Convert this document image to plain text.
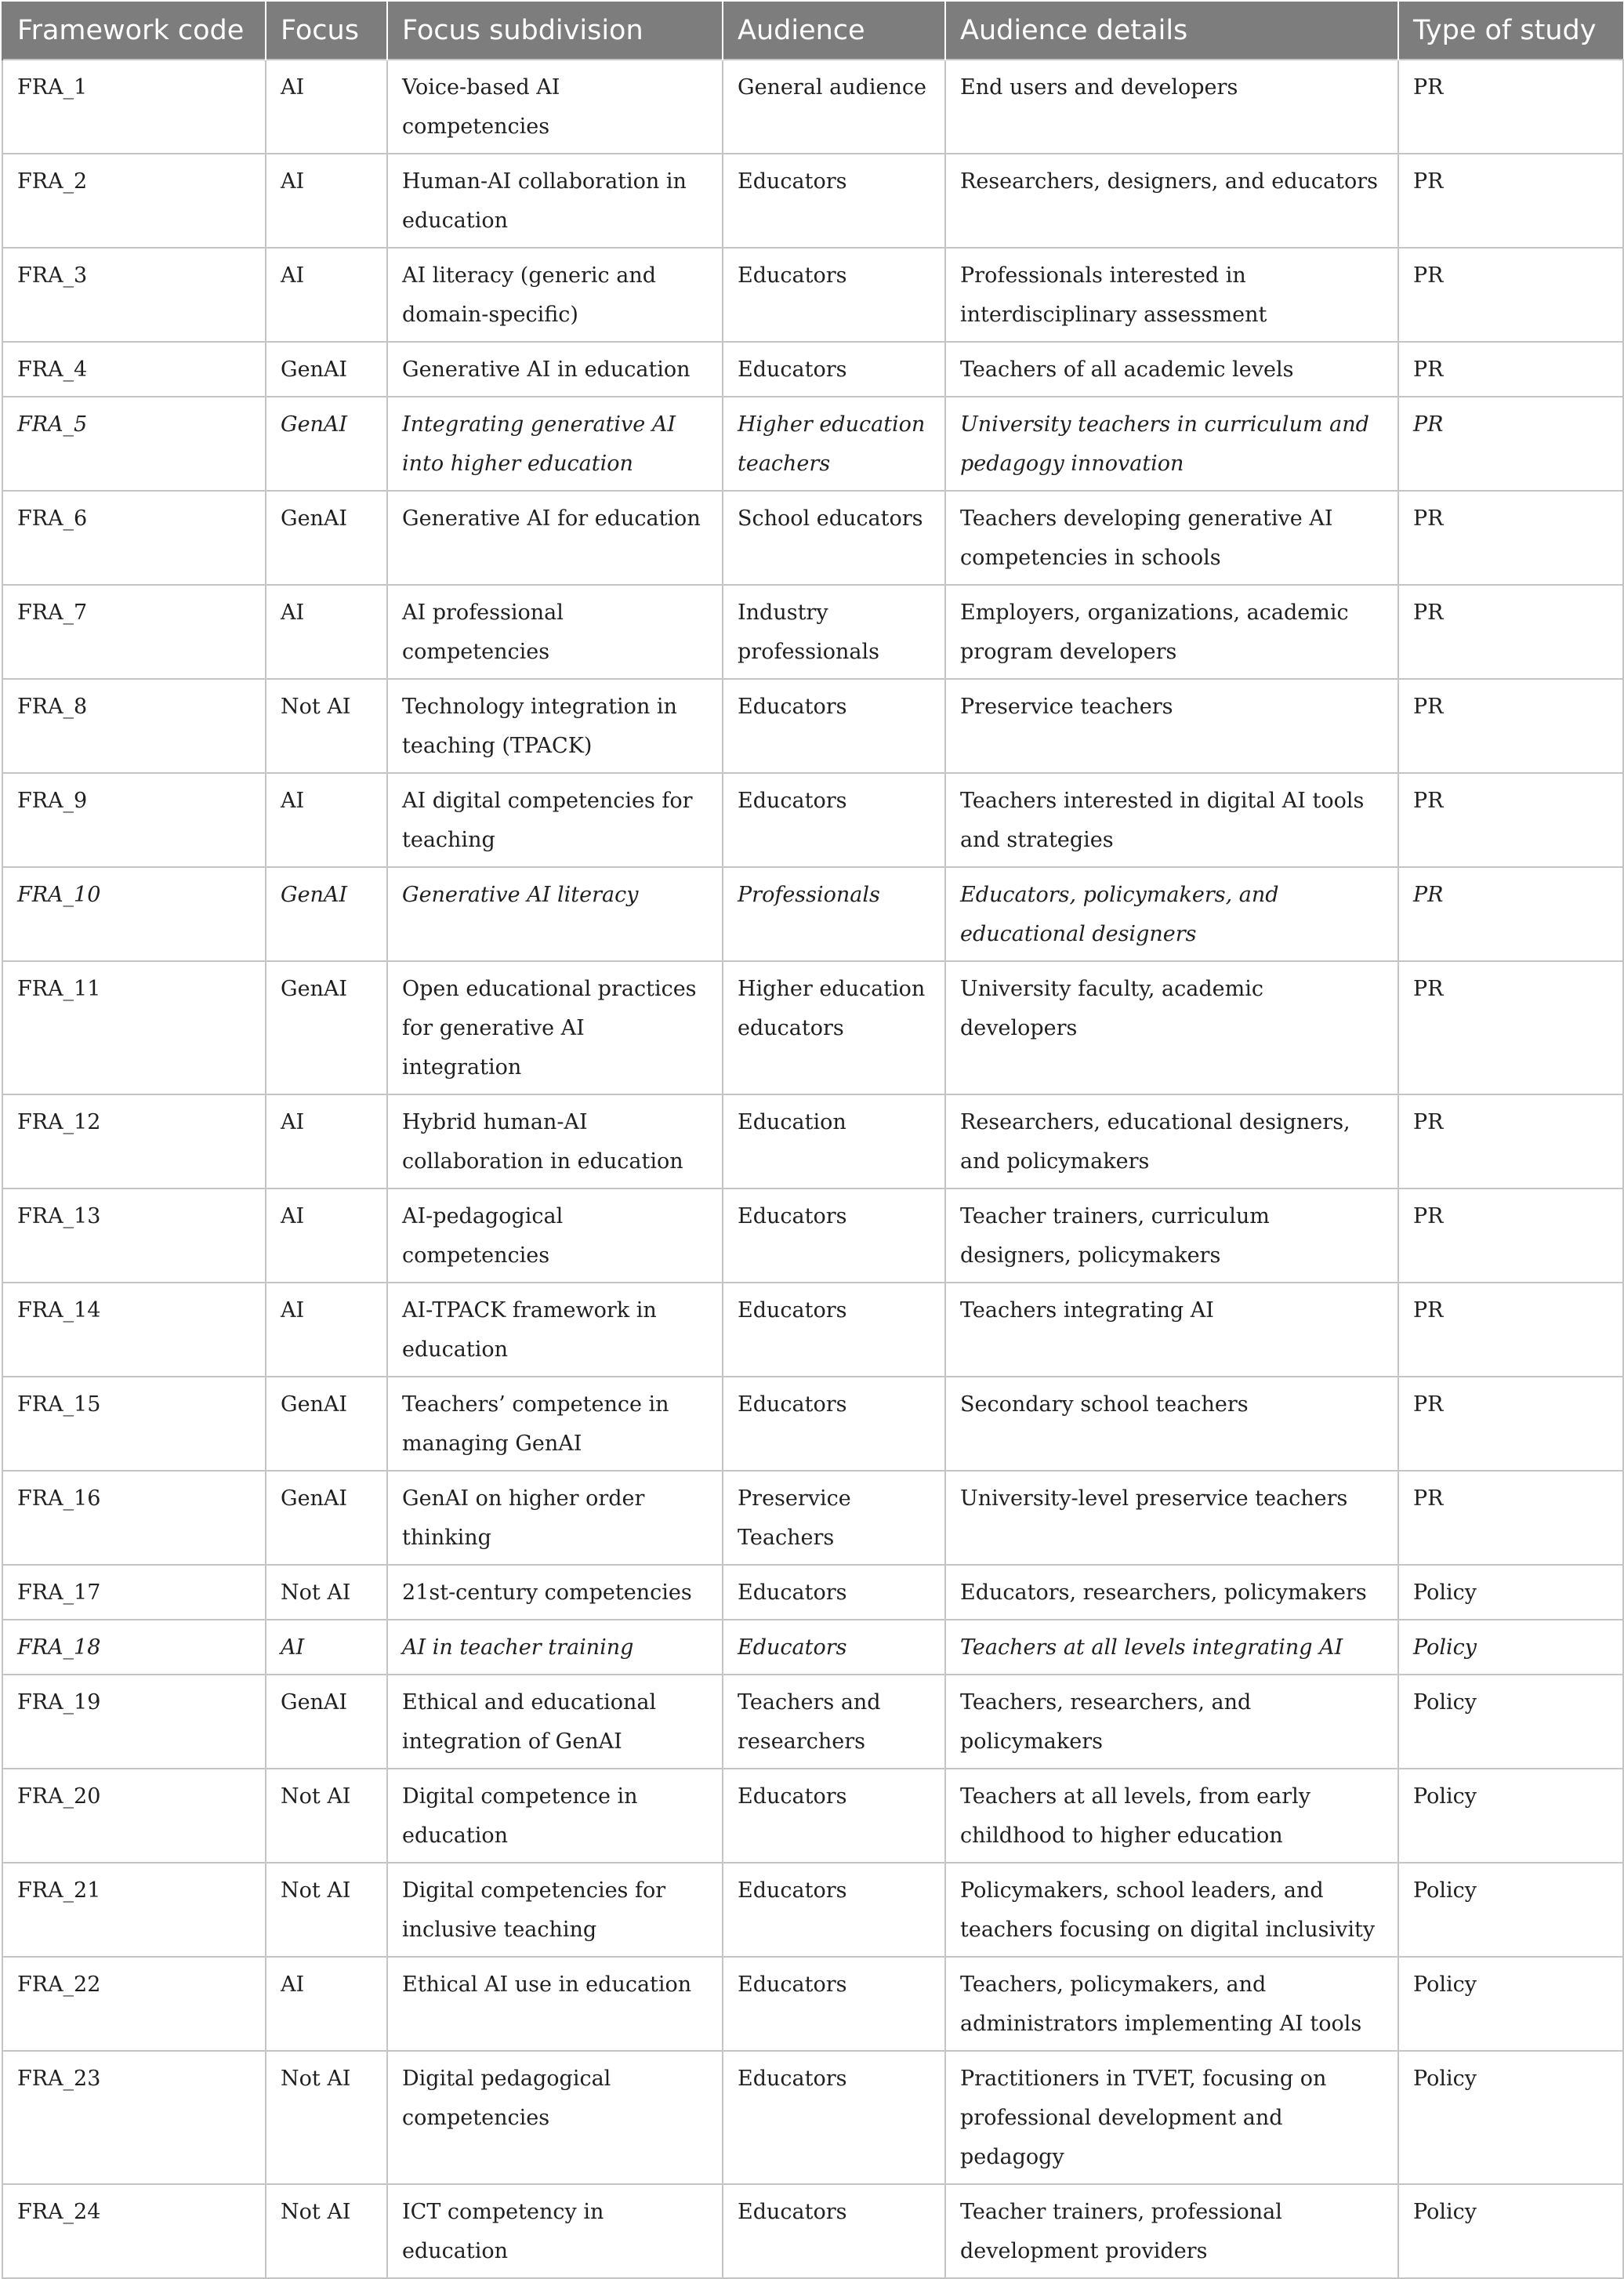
Framework code	Focus	Focus subdivision	Audience	Audience details	Type of study
FRA_1	AI	Voice-based AI competencies	General audience	End users and developers	PR
FRA_2	AI	Human-AI collaboration in education	Educators	Researchers, designers, and educators	PR
FRA_3	AI	AI literacy (generic and domain-specific)	Educators	Professionals interested in interdisciplinary assessment	PR
FRA_4	GenAI	Generative AI in education	Educators	Teachers of all academic levels	PR
FRA_5	GenAI	Integrating generative AI into higher education	Higher education teachers	University teachers in curriculum and pedagogy innovation	PR
FRA_6	GenAI	Generative AI for education	School educators	Teachers developing generative AI competencies in schools	PR
FRA_7	AI	AI professional competencies	Industry professionals	Employers, organizations, academic program developers	PR
FRA_8	Not AI	Technology integration in teaching (TPACK)	Educators	Preservice teachers	PR
FRA_9	AI	AI digital competencies for teaching	Educators	Teachers interested in digital AI tools and strategies	PR
FRA_10	GenAI	Generative AI literacy	Professionals	Educators, policymakers, and educational designers	PR
FRA_11	GenAI	Open educational practices for generative AI integration	Higher education educators	University faculty, academic developers	PR
FRA_12	AI	Hybrid human-AI collaboration in education	Education	Researchers, educational designers, and policymakers	PR
FRA_13	AI	AI-pedagogical competencies	Educators	Teacher trainers, curriculum designers, policymakers	PR
FRA_14	AI	AI-TPACK framework in education	Educators	Teachers integrating AI	PR
FRA_15	GenAI	Teachers’ competence in managing GenAI	Educators	Secondary school teachers	PR
FRA_16	GenAI	GenAI on higher order thinking	Preservice Teachers	University-level preservice teachers	PR
FRA_17	Not AI	21st-century competencies	Educators	Educators, researchers, policymakers	Policy
FRA_18	AI	AI in teacher training	Educators	Teachers at all levels integrating AI	Policy
FRA_19	GenAI	Ethical and educational integration of GenAI	Teachers and researchers	Teachers, researchers, and policymakers	Policy
FRA_20	Not AI	Digital competence in education	Educators	Teachers at all levels, from early childhood to higher education	Policy
FRA_21	Not AI	Digital competencies for inclusive teaching	Educators	Policymakers, school leaders, and teachers focusing on digital inclusivity	Policy
FRA_22	AI	Ethical AI use in education	Educators	Teachers, policymakers, and administrators implementing AI tools	Policy
FRA_23	Not AI	Digital pedagogical competencies	Educators	Practitioners in TVET, focusing on professional development and pedagogy	Policy
FRA_24	Not AI	ICT competency in education	Educators	Teacher trainers, professional development providers	Policy
